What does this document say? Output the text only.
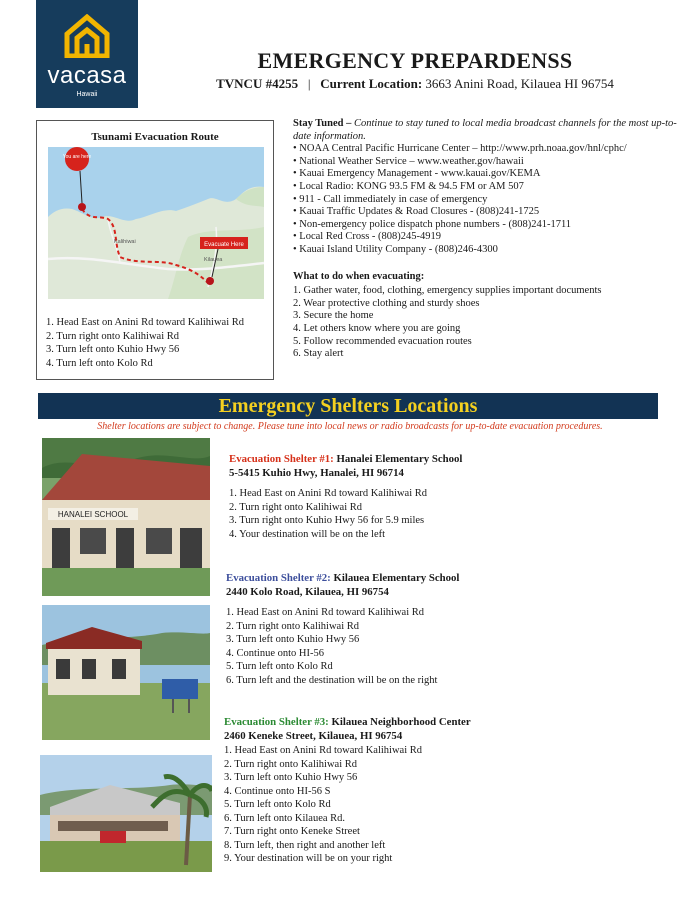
vacasa
Hawaii
EMERGENCY PREPARDENSS
TVNCU #4255 | Current Location: 3663 Anini Road, Kilauea HI 96754
Tsunami Evacuation Route
You are here
Evacuate Here
Kalihiwai
Kilauea
1. Head East on Anini Rd toward Kalihiwai Rd
2. Turn right onto Kalihiwai Rd
3. Turn left onto Kuhio Hwy 56
4. Turn left onto Kolo Rd

Stay Tuned – Continue to stay tuned to local media broadcast channels for the most up-to-date information.

• NOAA Central Pacific Hurricane Center – http://www.prh.noaa.gov/hnl/cphc/
• National Weather Service – www.weather.gov/hawaii
• Kauai Emergency Management - www.kauai.gov/KEMA
• Local Radio: KONG 93.5 FM & 94.5 FM or AM 507
• 911 - Call immediately in case of emergency
• Kauai Traffic Updates & Road Closures - (808)241-1725
• Non-emergency police dispatch phone numbers - (808)241-1711
• Local Red Cross - (808)245-4919
• Kauai Island Utility Company - (808)246-4300

What to do when evacuating:

1. Gather water, food, clothing, emergency supplies important documents
2. Wear protective clothing and sturdy shoes
3. Secure the home
4. Let others know where you are going
5. Follow recommended evacuation routes
6. Stay alert
Emergency Shelters Locations
Shelter locations are subject to change. Please tune into local news or radio broadcasts for up-to-date evacuation procedures.
HANALEI SCHOOL
Evacuation Shelter #1: Hanalei Elementary School
5-5415 Kuhio Hwy, Hanalei, HI 96714
1. Head East on Anini Rd toward Kalihiwai Rd
2. Turn right onto Kalihiwai Rd
3. Turn right onto Kuhio Hwy 56 for 5.9 miles
4. Your destination will be on the left
Evacuation Shelter #2: Kilauea Elementary School
2440 Kolo Road, Kilauea, HI 96754
1. Head East on Anini Rd toward Kalihiwai Rd
2. Turn right onto Kalihiwai Rd
3. Turn left onto Kuhio Hwy 56
4. Continue onto HI-56
5. Turn left onto Kolo Rd
6. Turn left and the destination will be on the right
Evacuation Shelter #3: Kilauea Neighborhood Center
2460 Keneke Street, Kilauea, HI 96754
1. Head East on Anini Rd toward Kalihiwai Rd
2. Turn right onto Kalihiwai Rd
3. Turn left onto Kuhio Hwy 56
4. Continue onto HI-56 S
5. Turn left onto Kolo Rd
6. Turn left onto Kilauea Rd.
7. Turn right onto Keneke Street
8. Turn left, then right and another left
9. Your destination will be on your right
